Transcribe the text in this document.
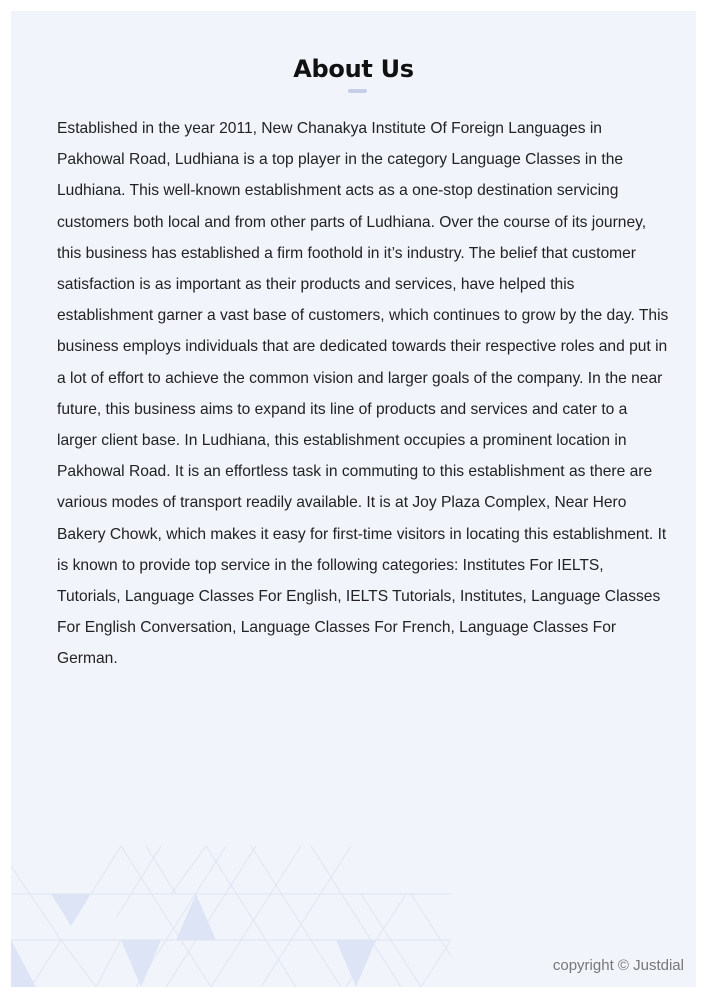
About Us

Established in the year 2011, New Chanakya Institute Of Foreign Languages in Pakhowal Road, Ludhiana is a top player in the category Language Classes in the Ludhiana. This well-known establishment acts as a one-stop destination servicing customers both local and from other parts of Ludhiana. Over the course of its journey, this business has established a firm foothold in it’s industry. The belief that customer satisfaction is as important as their products and services, have helped this establishment garner a vast base of customers, which continues to grow by the day. This business employs individuals that are dedicated towards their respective roles and put in a lot of effort to achieve the common vision and larger goals of the company. In the near future, this business aims to expand its line of products and services and cater to a larger client base. In Ludhiana, this establishment occupies a prominent location in Pakhowal Road. It is an effortless task in commuting to this establishment as there are various modes of transport readily available. It is at Joy Plaza Complex, Near Hero Bakery Chowk, which makes it easy for first-time visitors in locating this establishment. It is known to provide top service in the following categories: Institutes For IELTS, Tutorials, Language Classes For English, IELTS Tutorials, Institutes, Language Classes For English Conversation, Language Classes For French, Language Classes For German.

copyright © Justdial
